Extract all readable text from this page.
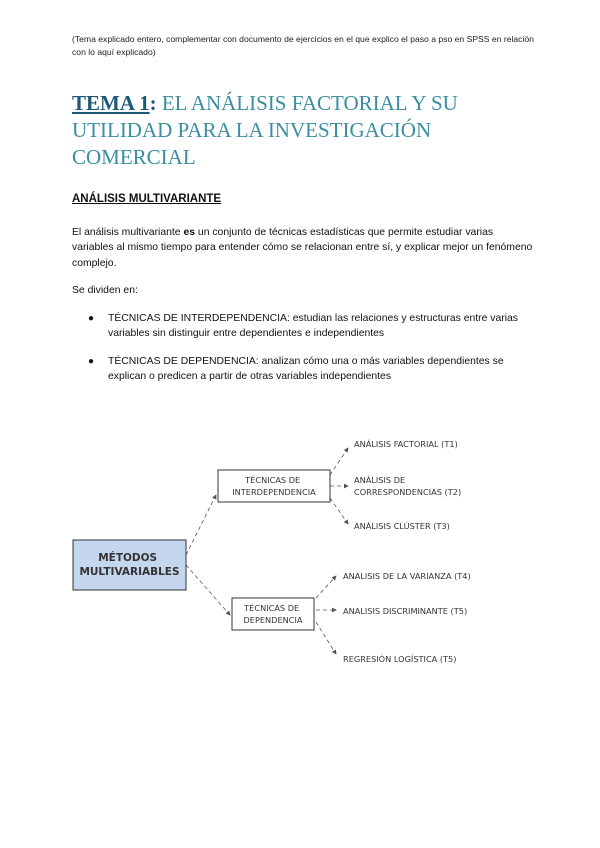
(Tema explicado entero, complementar con documento de ejercicios en el que explico el paso a pso en SPSS en relación con lo aquí explicado)
TEMA 1: EL ANÁLISIS FACTORIAL Y SU UTILIDAD PARA LA INVESTIGACIÓN COMERCIAL
ANÁLISIS MULTIVARIANTE
El análisis multivariante es un conjunto de técnicas estadísticas que permite estudiar varias variables al mismo tiempo para entender cómo se relacionan entre sí, y explicar mejor un fenómeno complejo.
Se dividen en:
● TÉCNICAS DE INTERDEPENDENCIA: estudian las relaciones y estructuras entre varias variables sin distinguir entre dependientes e independientes
● TÉCNICAS DE DEPENDENCIA: analizan cómo una o más variables dependientes se explican o predicen a partir de otras variables independientes
MÉTODOS MULTIVARIABLES
TÉCNICAS DE INTERDEPENDENCIA
TÉCNICAS DE DEPENDENCIA
ANÁLISIS FACTORIAL (T1) ANÁLISIS DE CORRESPONDENCIAS (T2) ANÁLISIS CLÚSTER (T3)
ANALISIS DE LA VARIANZA (T4) ANALISIS DISCRIMINANTE (T5) REGRESIÓN LOGÍSTICA (T5)
